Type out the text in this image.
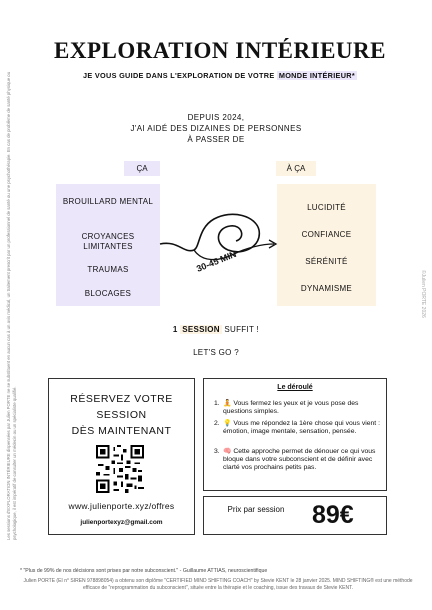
Les sessions d'EXPLORATION INTÉRIEURE dispensées par Julien PORTE ne se substituent en aucun cas à un avis médical, un traitement prescrit par un professionnel de santé ou une psychothérapie. En cas de problème de santé physique ou psychologique, il est impératif de consulter un médecin ou un spécialiste qualifié.
©Julien PORTE 2026
EXPLORATION INTÉRIEURE
JE VOUS GUIDE DANS L'EXPLORATION DE VOTRE MONDE INTÉRIEUR*
DEPUIS 2024,
J'AI AIDÉ DES DIZAINES DE PERSONNES
À PASSER DE
ÇA	À ÇA
BROUILLARD MENTAL
CROYANCES LIMITANTES
TRAUMAS
BLOCAGES
LUCIDITÉ
CONFIANCE
SÉRÉNITÉ
DYNAMISME
30-45 MIN
1 SESSION SUFFIT !
LET'S GO ?
RÉSERVEZ VOTRE
SESSION
DÈS MAINTENANT
www.julienporte.xyz/offres
julienportexyz@gmail.com
Le déroulé
1. 🧘 Vous fermez les yeux et je vous pose des questions simples.
2. 💡 Vous me répondez la 1ère chose qui vous vient : émotion, image mentale, sensation, pensée.
3. 🧠 Cette approche permet de dénouer ce qui vous bloque dans votre subconscient et de définir avec clarté vos prochains petits pas.
Prix par session 89€
* "Plus de 99% de nos décisions sont prises par notre subconscient." - Guillaume ATTIAS, neuroscientifique
Julien PORTE (EI n° SIREN 978898054) a obtenu son diplôme "CERTIFIED MIND SHIFTING COACH" by Stevie KENT le 28 janvier 2025. MIND SHIFTING® est une méthode efficace de "reprogrammation du subconscient", située entre la thérapie et le coaching, issue des travaux de Stevie KENT.
